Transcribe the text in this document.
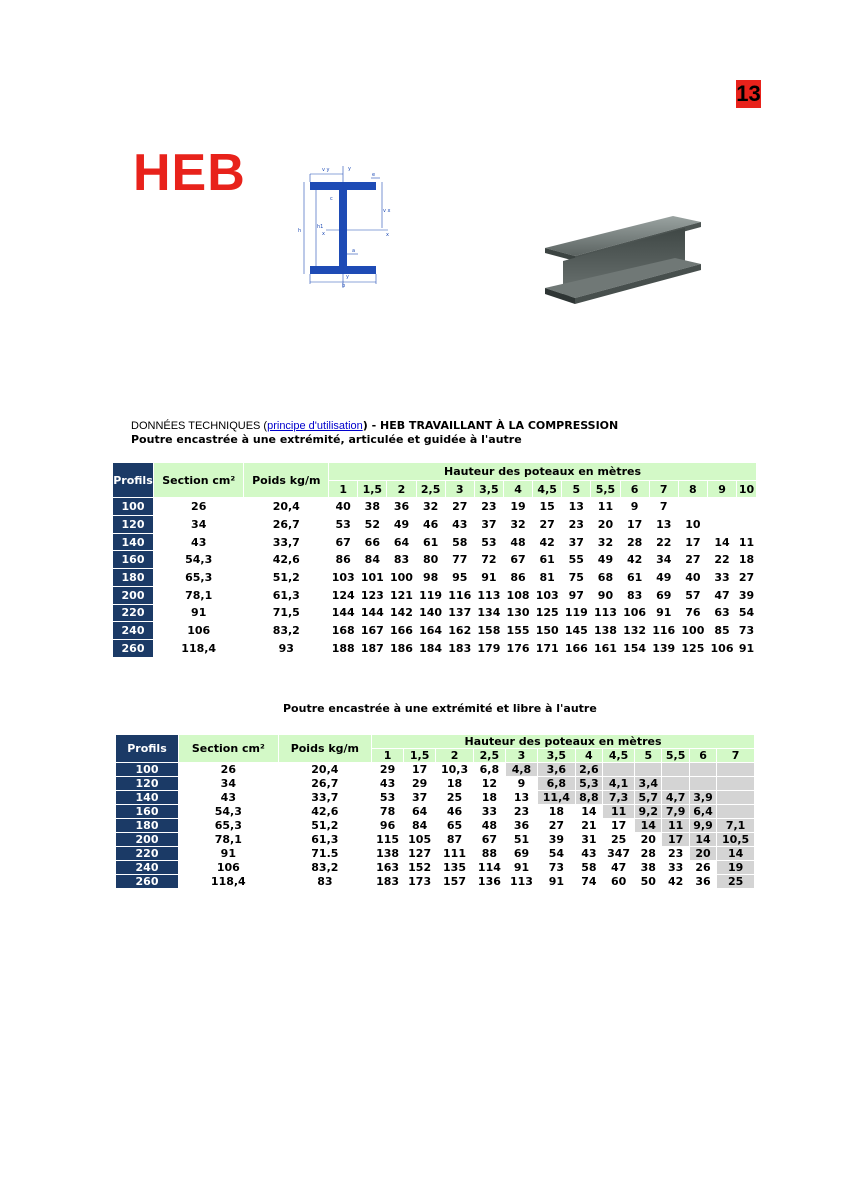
13
HEB	v y	y
e
c
h
h1
v x
x	x
a
y
b
DONNÉES TECHNIQUES (principe d'utilisation) - HEB TRAVAILLANT À LA COMPRESSION
Poutre encastrée à une extrémité, articulée et guidée à l'autre
Profils	Section cm²	Poids kg/m	Hauteur des poteaux en mètres														
			1	1,5	2	2,5	3	3,5	4	4,5	5	5,5	6	7	8	9	10
100	26	20,4	40	38	36	32	27	23	19	15	13	11	9	7			
120	34	26,7	53	52	49	46	43	37	32	27	23	20	17	13	10		
140	43	33,7	67	66	64	61	58	53	48	42	37	32	28	22	17	14	11
160	54,3	42,6	86	84	83	80	77	72	67	61	55	49	42	34	27	22	18
180	65,3	51,2	103	101	100	98	95	91	86	81	75	68	61	49	40	33	27
200	78,1	61,3	124	123	121	119	116	113	108	103	97	90	83	69	57	47	39
220	91	71,5	144	144	142	140	137	134	130	125	119	113	106	91	76	63	54
240	106	83,2	168	167	166	164	162	158	155	150	145	138	132	116	100	85	73
260	118,4	93	188	187	186	184	183	179	176	171	166	161	154	139	125	106	91
Poutre encastrée à une extrémité et libre à l'autre
Profils	Section cm²	Poids kg/m	Hauteur des poteaux en mètres											
			1	1,5	2	2,5	3	3,5	4	4,5	5	5,5	6	7
100	26	20,4	29	17	10,3	6,8	4,8	3,6	2,6					
120	34	26,7	43	29	18	12	9	6,8	5,3	4,1	3,4			
140	43	33,7	53	37	25	18	13	11,4	8,8	7,3	5,7	4,7	3,9	
160	54,3	42,6	78	64	46	33	23	18	14	11	9,2	7,9	6,4	
180	65,3	51,2	96	84	65	48	36	27	21	17	14	11	9,9	7,1
200	78,1	61,3	115	105	87	67	51	39	31	25	20	17	14	10,5
220	91	71.5	138	127	111	88	69	54	43	347	28	23	20	14
240	106	83,2	163	152	135	114	91	73	58	47	38	33	26	19
260	118,4	83	183	173	157	136	113	91	74	60	50	42	36	25
